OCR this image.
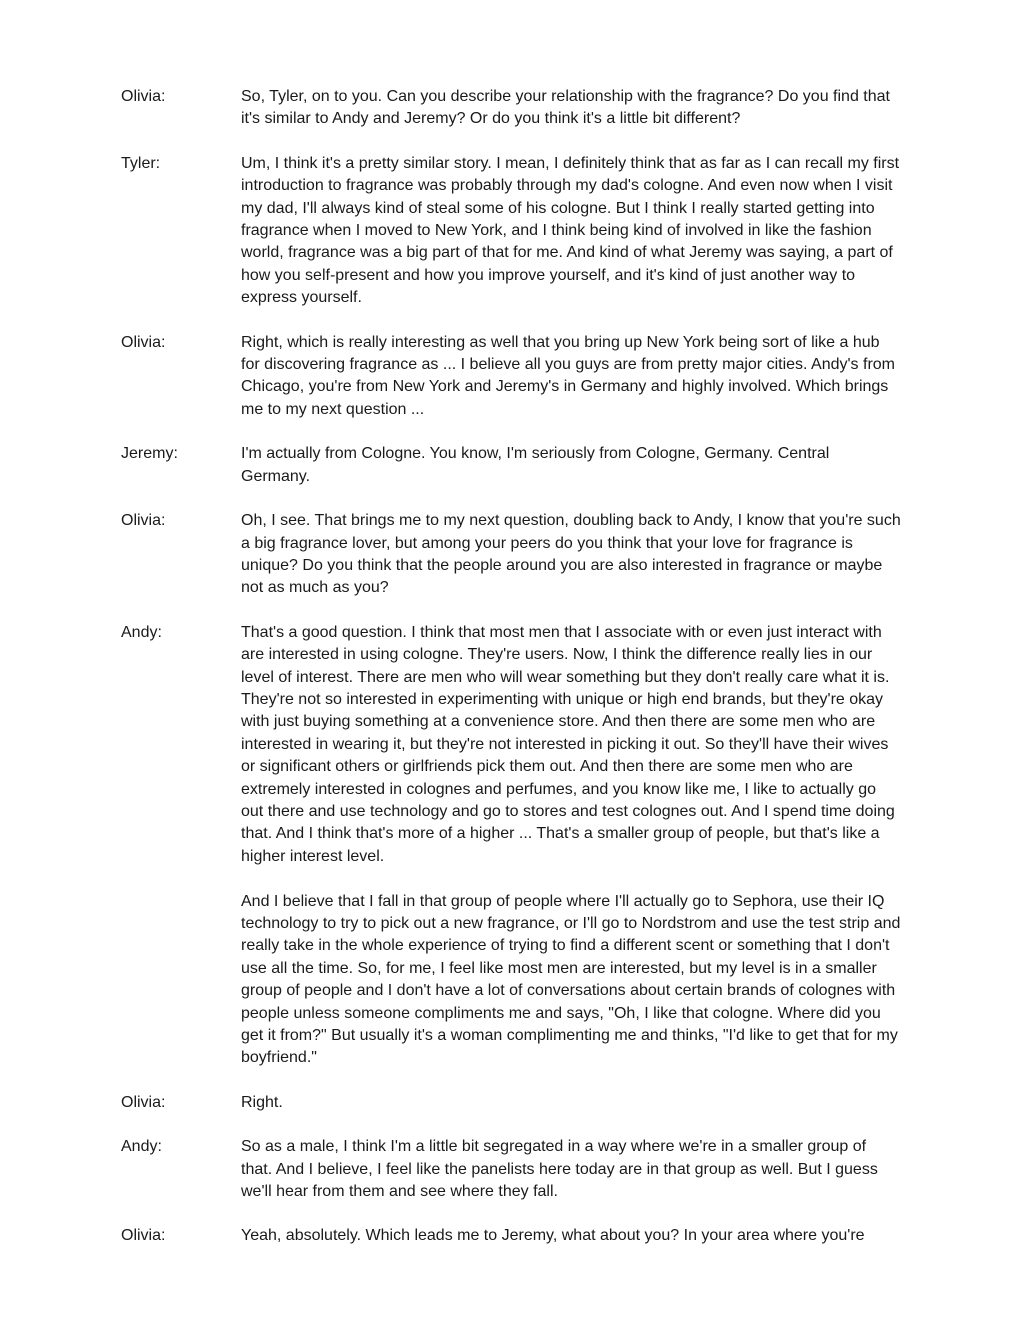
Olivia:	So, Tyler, on to you. Can you describe your relationship with the fragrance? Do you find that it's similar to Andy and Jeremy? Or do you think it's a little bit different?

Tyler:	Um, I think it's a pretty similar story. I mean, I definitely think that as far as I can recall my first introduction to fragrance was probably through my dad's cologne. And even now when I visit my dad, I'll always kind of steal some of his cologne. But I think I really started getting into fragrance when I moved to New York, and I think being kind of involved in like the fashion world, fragrance was a big part of that for me. And kind of what Jeremy was saying, a part of how you self-present and how you improve yourself, and it's kind of just another way to express yourself.

Olivia:	Right, which is really interesting as well that you bring up New York being sort of like a hub for discovering fragrance as ... I believe all you guys are from pretty major cities. Andy's from Chicago, you're from New York and Jeremy's in Germany and highly involved. Which brings me to my next question ...

Jeremy:	I'm actually from Cologne. You know, I'm seriously from Cologne, Germany. Central Germany.

Olivia:	Oh, I see. That brings me to my next question, doubling back to Andy, I know that you're such a big fragrance lover, but among your peers do you think that your love for fragrance is unique? Do you think that the people around you are also interested in fragrance or maybe not as much as you?

Andy:	That's a good question. I think that most men that I associate with or even just interact with are interested in using cologne. They're users. Now, I think the difference really lies in our level of interest. There are men who will wear something but they don't really care what it is. They're not so interested in experimenting with unique or high end brands, but they're okay with just buying something at a convenience store. And then there are some men who are interested in wearing it, but they're not interested in picking it out. So they'll have their wives or significant others or girlfriends pick them out. And then there are some men who are extremely interested in colognes and perfumes, and you know like me, I like to actually go out there and use technology and go to stores and test colognes out. And I spend time doing that. And I think that's more of a higher ... That's a smaller group of people, but that's like a higher interest level.

And I believe that I fall in that group of people where I'll actually go to Sephora, use their IQ technology to try to pick out a new fragrance, or I'll go to Nordstrom and use the test strip and really take in the whole experience of trying to find a different scent or something that I don't use all the time. So, for me, I feel like most men are interested, but my level is in a smaller group of people and I don't have a lot of conversations about certain brands of colognes with people unless someone compliments me and says, "Oh, I like that cologne. Where did you get it from?" But usually it's a woman complimenting me and thinks, "I'd like to get that for my boyfriend."

Olivia:	Right.

Andy:	So as a male, I think I'm a little bit segregated in a way where we're in a smaller group of that. And I believe, I feel like the panelists here today are in that group as well. But I guess we'll hear from them and see where they fall.

Olivia:	Yeah, absolutely. Which leads me to Jeremy, what about you? In your area where you're
